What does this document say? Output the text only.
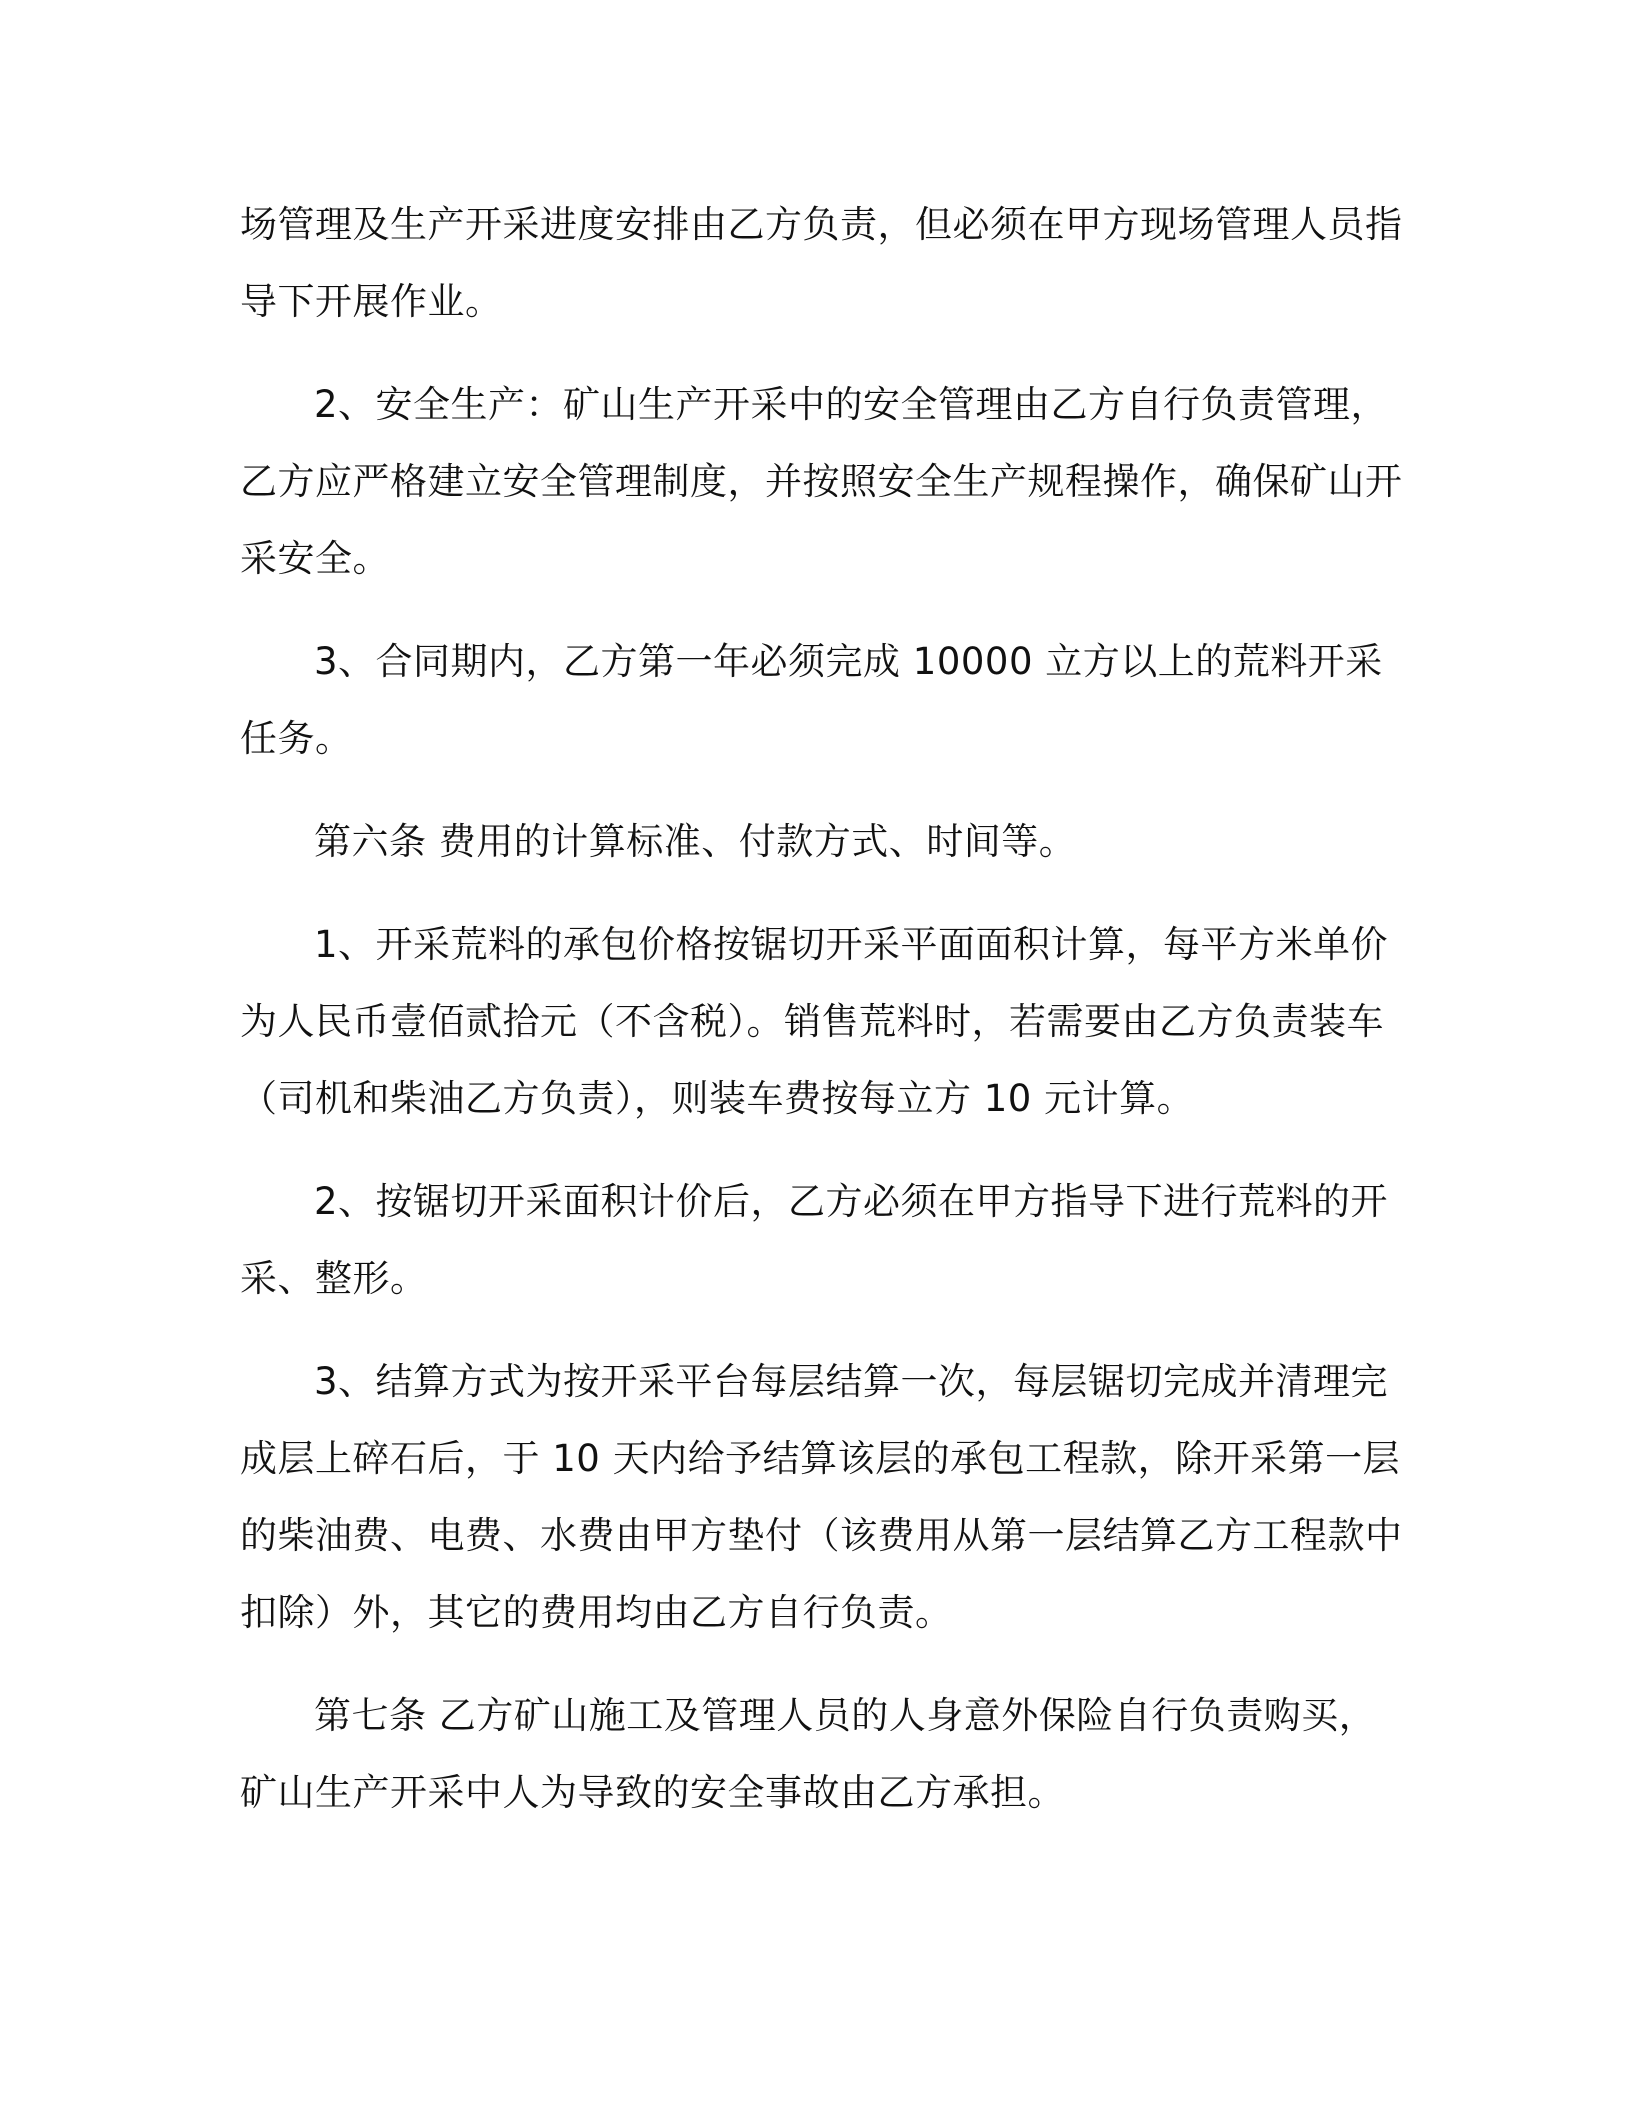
场管理及生产开采进度安排由乙方负责，但必须在甲方现场管理人员指导下开展作业。

2、安全生产：矿山生产开采中的安全管理由乙方自行负责管理，乙方应严格建立安全管理制度，并按照安全生产规程操作，确保矿山开采安全。

3、合同期内，乙方第一年必须完成 10000 立方以上的荒料开采任务。

第六条 费用的计算标准、付款方式、时间等。

1、开采荒料的承包价格按锯切开采平面面积计算，每平方米单价为人民币壹佰贰拾元（不含税）。销售荒料时，若需要由乙方负责装车（司机和柴油乙方负责），则装车费按每立方 10 元计算。

2、按锯切开采面积计价后，乙方必须在甲方指导下进行荒料的开采、整形。

3、结算方式为按开采平台每层结算一次，每层锯切完成并清理完成层上碎石后，于 10 天内给予结算该层的承包工程款，除开采第一层的柴油费、电费、水费由甲方垫付（该费用从第一层结算乙方工程款中扣除）外，其它的费用均由乙方自行负责。

第七条 乙方矿山施工及管理人员的人身意外保险自行负责购买，矿山生产开采中人为导致的安全事故由乙方承担。
